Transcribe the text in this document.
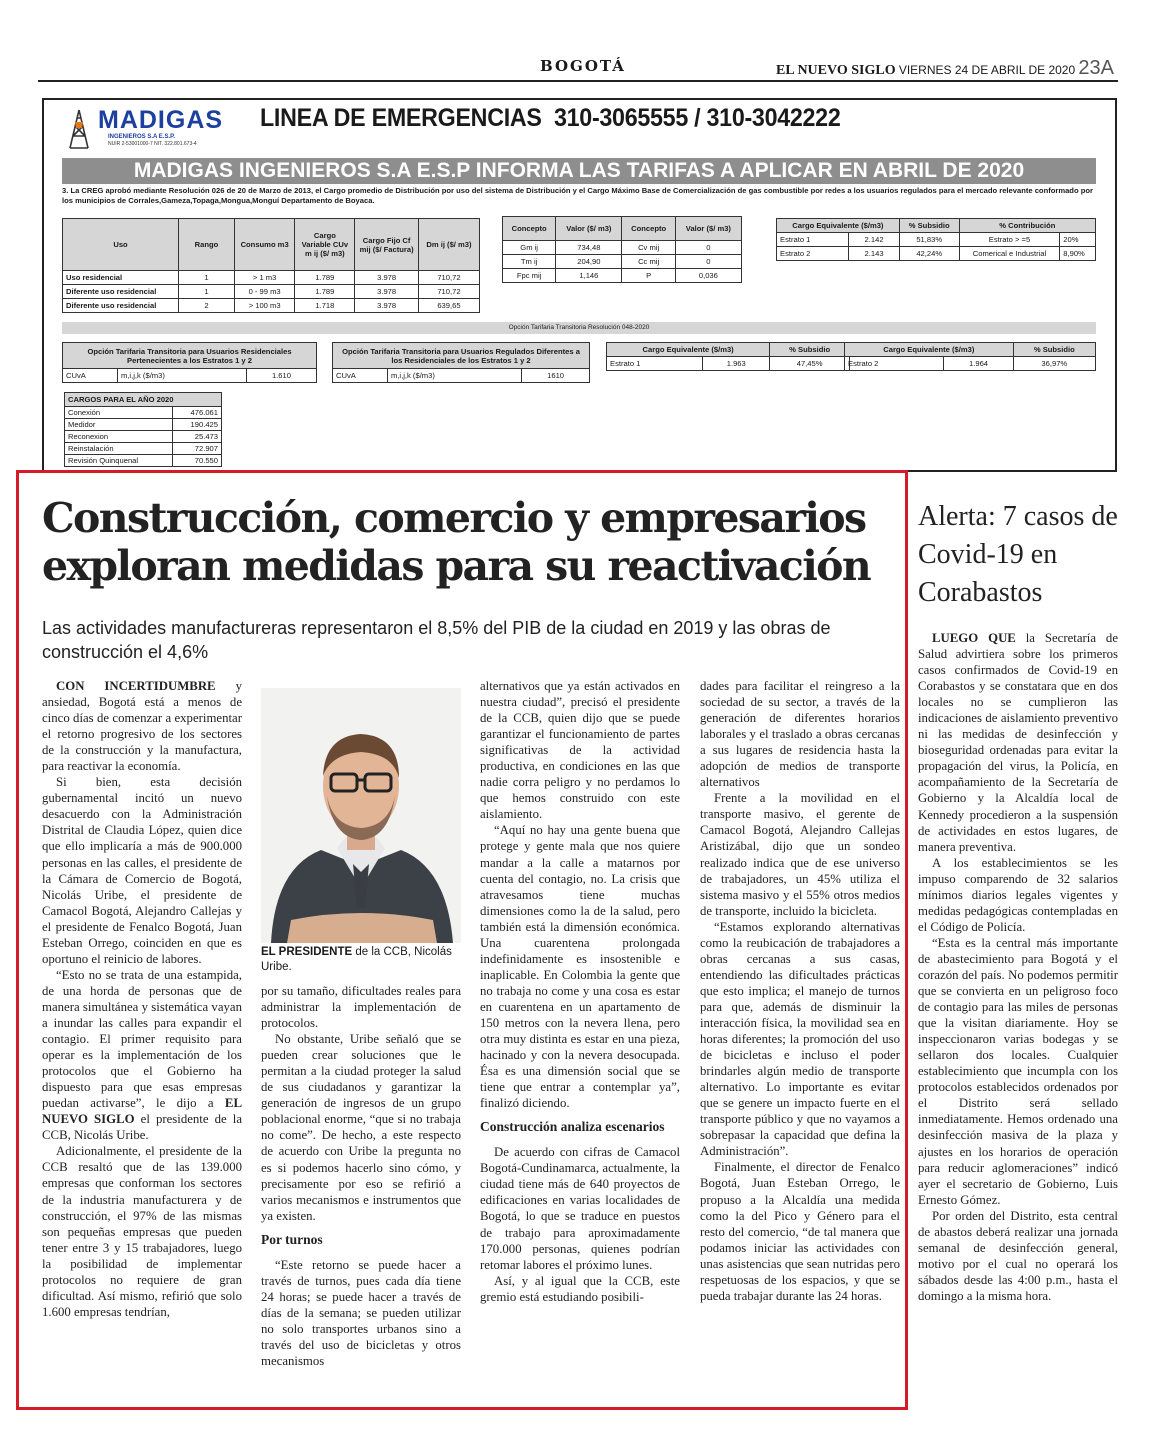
BOGOTÁ	EL NUEVO SIGLO VIERNES 24 DE ABRIL DE 2020 23A
MADIGAS
INGENIEROS S.A E.S.P.
NUIR 2-53001000-7 NIT. 322.801.673-4
LINEA DE EMERGENCIAS  310-3065555 / 310-3042222
MADIGAS INGENIEROS S.A E.S.P INFORMA LAS TARIFAS A APLICAR EN ABRIL DE 2020
3. La CREG aprobó mediante Resolución 026 de 20 de Marzo de 2013, el Cargo promedio de Distribución por uso del sistema de Distribución y el Cargo Máximo Base de Comercialización de gas combustible por redes a los usuarios regulados para el mercado relevante conformado por los municipios de Corrales,Gameza,Topaga,Mongua,Monguí Departamento de Boyaca.
Uso	Rango	Consumo m3	Cargo Variable CUv m ij ($/ m3)	Cargo Fijo Cf mij ($/ Factura)	Dm ij ($/ m3)
Uso residencial	1	> 1 m3	1.789	3.978	710,72
Diferente uso residencial	1	0 - 99 m3	1.789	3.978	710,72
Diferente uso residencial	2	> 100 m3	1.718	3.978	639,65
Concepto	Valor ($/ m3)	Concepto	Valor ($/ m3)
Gm ij	734,48	Cv mij	0
Tm ij	204,90	Cc mij	0
Fpc mij	1,146	P	0,036
Cargo Equivalente ($/m3)		% Subsidio	% Contribución	
Estrato 1	2.142	51,83%	Estrato > =5	20%
Estrato 2	2.143	42,24%	Comerical e Industrial	8,90%
Opción Tarifaria Transitoria Resolución 048-2020
Opción Tarifaria Transitoria para Usuarios Residenciales Pertenecientes a los Estratos 1 y 2
CUvA	m,i,j,k ($/m3)	1.610
Opción Tarifaria Transitoria para Usuarios Regulados Diferentes a los Residenciales de los Estratos 1 y 2
CUvA	m,i,j,k ($/m3)	1610
Cargo Equivalente ($/m3)		% Subsidio
Estrato 1	1.963	47,45%
Cargo Equivalente ($/m3)		% Subsidio
Estrato 2	1.964	36,97%
CARGOS PARA EL AÑO 2020	
Conexión	476.061
Medidor	190.425
Reconexion	25.473
Reinstalación	72.907
Revisión Quinquenal	70.550
Construcción, comercio y empresarios exploran medidas para su reactivación
Las actividades manufactureras representaron el 8,5% del PIB de la ciudad en 2019 y las obras de construcción el 4,6%

CON INCERTIDUMBRE y ansiedad, Bogotá está a menos de cinco días de comenzar a experimentar el retorno progresivo de los sectores de la construcción y la manufactura, para reactivar la economía.

Si bien, esta decisión gubernamental incitó un nuevo desacuerdo con la Administración Distrital de Claudia López, quien dice que ello implicaría a más de 900.000 personas en las calles, el presidente de la Cámara de Comercio de Bogotá, Nicolás Uribe, el presidente de Camacol Bogotá, Alejandro Callejas y el presidente de Fenalco Bogotá, Juan Esteban Orrego, coinciden en que es oportuno el reinicio de labores.

“Esto no se trata de una estampida, de una horda de personas que de manera simultánea y sistemática vayan a inundar las calles para expandir el contagio. El primer requisito para operar es la implementación de los protocolos que el Gobierno ha dispuesto para que esas empresas puedan activarse”, le dijo a EL NUEVO SIGLO el presidente de la CCB, Nicolás Uribe.

Adicionalmente, el presidente de la CCB resaltó que de las 139.000 empresas que conforman los sectores de la industria manufacturera y de construcción, el 97% de las mismas son pequeñas empresas que pueden tener entre 3 y 15 trabajadores, luego la posibilidad de implementar protocolos no requiere de gran dificultad. Así mismo, refirió que solo 1.600 empresas tendrían,

EL PRESIDENTE de la CCB, Nicolás Uribe.

por su tamaño, dificultades reales para administrar la implementación de protocolos.

No obstante, Uribe señaló que se pueden crear soluciones que le permitan a la ciudad proteger la salud de sus ciudadanos y garantizar la generación de ingresos de un grupo poblacional enorme, “que si no trabaja no come”. De hecho, a este respecto de acuerdo con Uribe la pregunta no es si podemos hacerlo sino cómo, y precisamente por eso se refirió a varios mecanismos e instrumentos que ya existen.

Por turnos

“Este retorno se puede hacer a través de turnos, pues cada día tiene 24 horas; se puede hacer a través de días de la semana; se pueden utilizar no solo transportes urbanos sino a través del uso de bicicletas y otros mecanismos

alternativos que ya están activados en nuestra ciudad”, precisó el presidente de la CCB, quien dijo que se puede garantizar el funcionamiento de partes significativas de la actividad productiva, en condiciones en las que nadie corra peligro y no perdamos lo que hemos construido con este aislamiento.

“Aquí no hay una gente buena que protege y gente mala que nos quiere mandar a la calle a matarnos por cuenta del contagio, no. La crisis que atravesamos tiene muchas dimensiones como la de la salud, pero también está la dimensión económica. Una cuarentena prolongada indefinidamente es insostenible e inaplicable. En Colombia la gente que no trabaja no come y una cosa es estar en cuarentena en un apartamento de 150 metros con la nevera llena, pero otra muy distinta es estar en una pieza, hacinado y con la nevera desocupada. Ésa es una dimensión social que se tiene que entrar a contemplar ya”, finalizó diciendo.

Construcción analiza escenarios

De acuerdo con cifras de Camacol Bogotá-Cundinamarca, actualmente, la ciudad tiene más de 640 proyectos de edificaciones en varias localidades de Bogotá, lo que se traduce en puestos de trabajo para aproximadamente 170.000 personas, quienes podrían retomar labores el próximo lunes.

Así, y al igual que la CCB, este gremio está estudiando posibili-

dades para facilitar el reingreso a la sociedad de su sector, a través de la generación de diferentes horarios laborales y el traslado a obras cercanas a sus lugares de residencia hasta la adopción de medios de transporte alternativos

Frente a la movilidad en el transporte masivo, el gerente de Camacol Bogotá, Alejandro Callejas Aristizábal, dijo que un sondeo realizado indica que de ese universo de trabajadores, un 45% utiliza el sistema masivo y el 55% otros medios de transporte, incluido la bicicleta.

“Estamos explorando alternativas como la reubicación de trabajadores a obras cercanas a sus casas, entendiendo las dificultades prácticas que esto implica; el manejo de turnos para que, además de disminuir la interacción física, la movilidad sea en horas diferentes; la promoción del uso de bicicletas e incluso el poder brindarles algún medio de transporte alternativo. Lo importante es evitar que se genere un impacto fuerte en el transporte público y que no vayamos a sobrepasar la capacidad que defina la Administración”.

Finalmente, el director de Fenalco Bogotá, Juan Esteban Orrego, le propuso a la Alcaldía una medida como la del Pico y Género para el resto del comercio, “de tal manera que podamos iniciar las actividades con unas asistencias que sean nutridas pero respetuosas de los espacios, y que se pueda trabajar durante las 24 horas.

Alerta: 7 casos de Covid-19 en Corabastos

LUEGO QUE la Secretaría de Salud advirtiera sobre los primeros casos confirmados de Covid-19 en Corabastos y se constatara que en dos locales no se cumplieron las indicaciones de aislamiento preventivo ni las medidas de desinfección y bioseguridad ordenadas para evitar la propagación del virus, la Policía, en acompañamiento de la Secretaría de Gobierno y la Alcaldía local de Kennedy procedieron a la suspensión de actividades en estos lugares, de manera preventiva.

A los establecimientos se les impuso comparendo de 32 salarios mínimos diarios legales vigentes y medidas pedagógicas contempladas en el Código de Policía.

“Esta es la central más importante de abastecimiento para Bogotá y el corazón del país. No podemos permitir que se convierta en un peligroso foco de contagio para las miles de personas que la visitan diariamente. Hoy se inspeccionaron varias bodegas y se sellaron dos locales. Cualquier establecimiento que incumpla con los protocolos establecidos ordenados por el Distrito será sellado inmediatamente. Hemos ordenado una desinfección masiva de la plaza y ajustes en los horarios de operación para reducir aglomeraciones” indicó ayer el secretario de Gobierno, Luis Ernesto Gómez.

Por orden del Distrito, esta central de abastos deberá realizar una jornada semanal de desinfección general, motivo por el cual no operará los sábados desde las 4:00 p.m., hasta el domingo a la misma hora.
